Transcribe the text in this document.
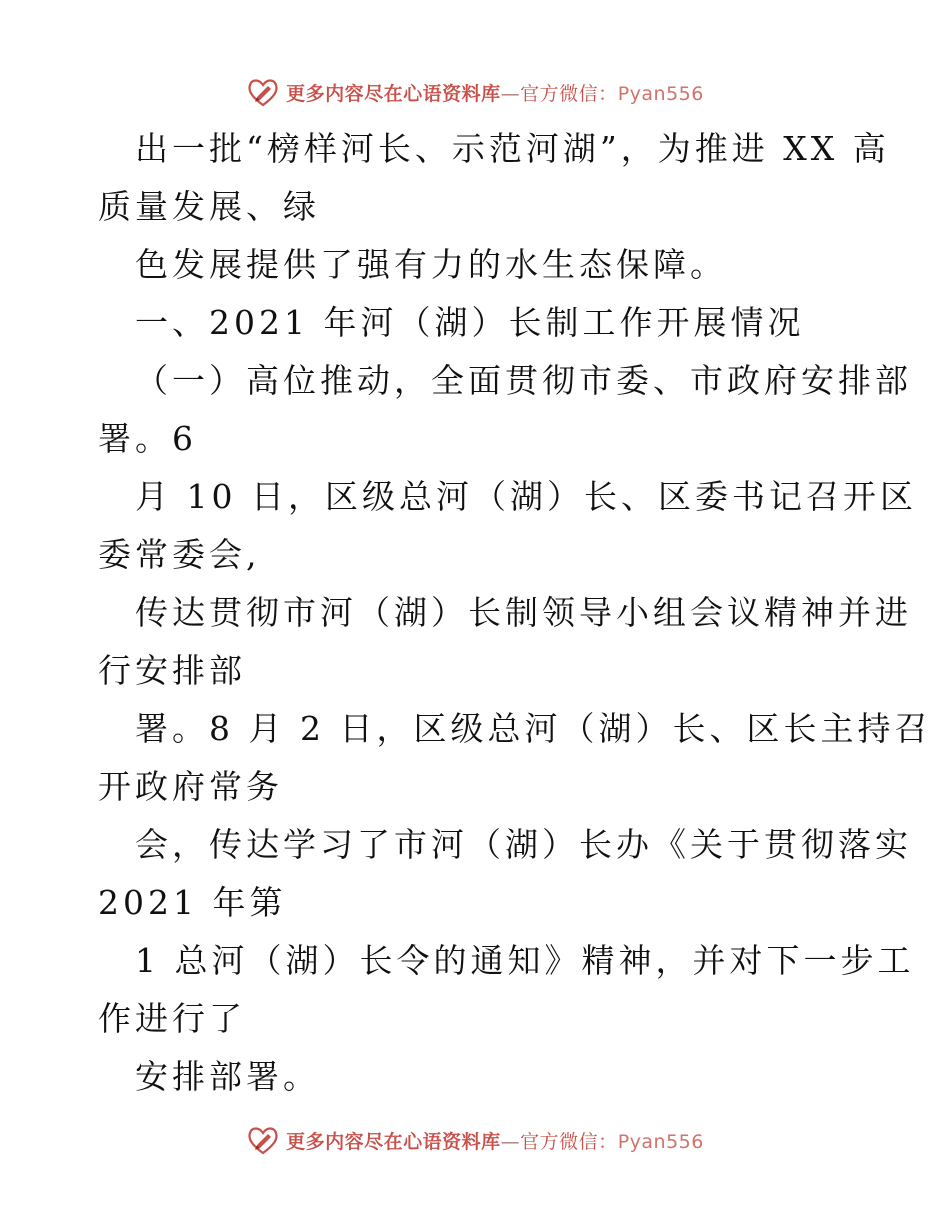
更多内容尽在心语资料库—官方微信：Pyan556
出一批“榜样河长、示范河湖”，为推进 XX 高
质量发展、绿
色发展提供了强有力的水生态保障。
一、2021 年河（湖）长制工作开展情况
（一）高位推动，全面贯彻市委、市政府安排部
署。6
月 10 日，区级总河（湖）长、区委书记召开区
委常委会,
传达贯彻市河（湖）长制领导小组会议精神并进
行安排部
署。8 月 2 日，区级总河（湖）长、区长主持召
开政府常务
会，传达学习了市河（湖）长办《关于贯彻落实
2021 年第
1 总河（湖）长令的通知》精神，并对下一步工
作进行了
安排部署。
更多内容尽在心语资料库—官方微信：Pyan556
